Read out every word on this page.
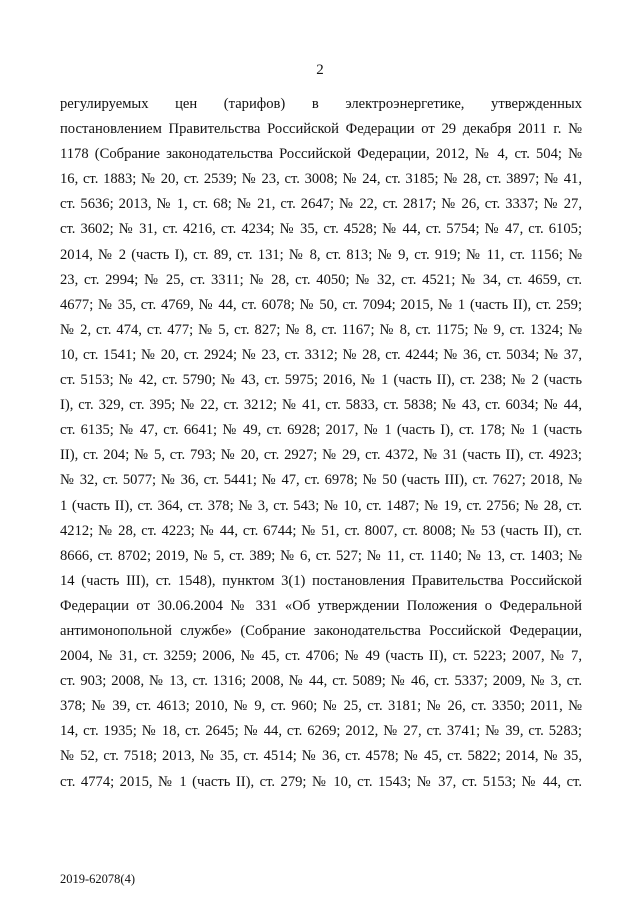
2
регулируемых цен (тарифов) в электроэнергетике, утвержденных
постановлением Правительства Российской Федерации от 29 декабря 2011 г. №
1178 (Собрание законодательства Российской Федерации, 2012, № 4, ст. 504; №
16, ст. 1883; № 20, ст. 2539; № 23, ст. 3008; № 24, ст. 3185; № 28, ст. 3897; № 41,
ст. 5636; 2013, № 1, ст. 68; № 21, ст. 2647; № 22, ст. 2817; № 26, ст. 3337; № 27,
ст. 3602; № 31, ст. 4216, ст. 4234; № 35, ст. 4528; № 44, ст. 5754; № 47, ст. 6105;
2014, № 2 (часть I), ст. 89, ст. 131; № 8, ст. 813; № 9, ст. 919; № 11, ст. 1156; №
23, ст. 2994; № 25, ст. 3311; № 28, ст. 4050; № 32, ст. 4521; № 34, ст. 4659, ст.
4677; № 35, ст. 4769, № 44, ст. 6078; № 50, ст. 7094; 2015, № 1 (часть II), ст. 259;
№ 2, ст. 474, ст. 477; № 5, ст. 827; № 8, ст. 1167; № 8, ст. 1175; № 9, ст. 1324; №
10, ст. 1541; № 20, ст. 2924; № 23, ст. 3312; № 28, ст. 4244; № 36, ст. 5034; № 37,
ст. 5153; № 42, ст. 5790; № 43, ст. 5975; 2016, № 1 (часть II), ст. 238; № 2 (часть
I), ст. 329, ст. 395; № 22, ст. 3212; № 41, ст. 5833, ст. 5838; № 43, ст. 6034; № 44,
ст. 6135; № 47, ст. 6641; № 49, ст. 6928; 2017, № 1 (часть I), ст. 178; № 1 (часть
II), ст. 204; № 5, ст. 793; № 20, ст. 2927; № 29, ст. 4372, № 31 (часть II), ст. 4923;
№ 32, ст. 5077; № 36, ст. 5441; № 47, ст. 6978; № 50 (часть III), ст. 7627; 2018, №
1 (часть II), ст. 364, ст. 378; № 3, ст. 543; № 10, ст. 1487; № 19, ст. 2756; № 28, ст.
4212; № 28, ст. 4223; № 44, ст. 6744; № 51, ст. 8007, ст. 8008; № 53 (часть II), ст.
8666, ст. 8702; 2019, № 5, ст. 389; № 6, ст. 527; № 11, ст. 1140; № 13, ст. 1403; №
14 (часть III), ст. 1548), пунктом 3(1) постановления Правительства Российской
Федерации от 30.06.2004 № 331 «Об утверждении Положения о Федеральной
антимонопольной службе» (Собрание законодательства Российской Федерации,
2004, № 31, ст. 3259; 2006, № 45, ст. 4706; № 49 (часть II), ст. 5223; 2007, № 7,
ст. 903; 2008, № 13, ст. 1316; 2008, № 44, ст. 5089; № 46, ст. 5337; 2009, № 3, ст.
378; № 39, ст. 4613; 2010, № 9, ст. 960; № 25, ст. 3181; № 26, ст. 3350; 2011, №
14, ст. 1935; № 18, ст. 2645; № 44, ст. 6269; 2012, № 27, ст. 3741; № 39, ст. 5283;
№ 52, ст. 7518; 2013, № 35, ст. 4514; № 36, ст. 4578; № 45, ст. 5822; 2014, № 35,
ст. 4774; 2015, № 1 (часть II), ст. 279; № 10, ст. 1543; № 37, ст. 5153; № 44, ст.
2019-62078(4)
